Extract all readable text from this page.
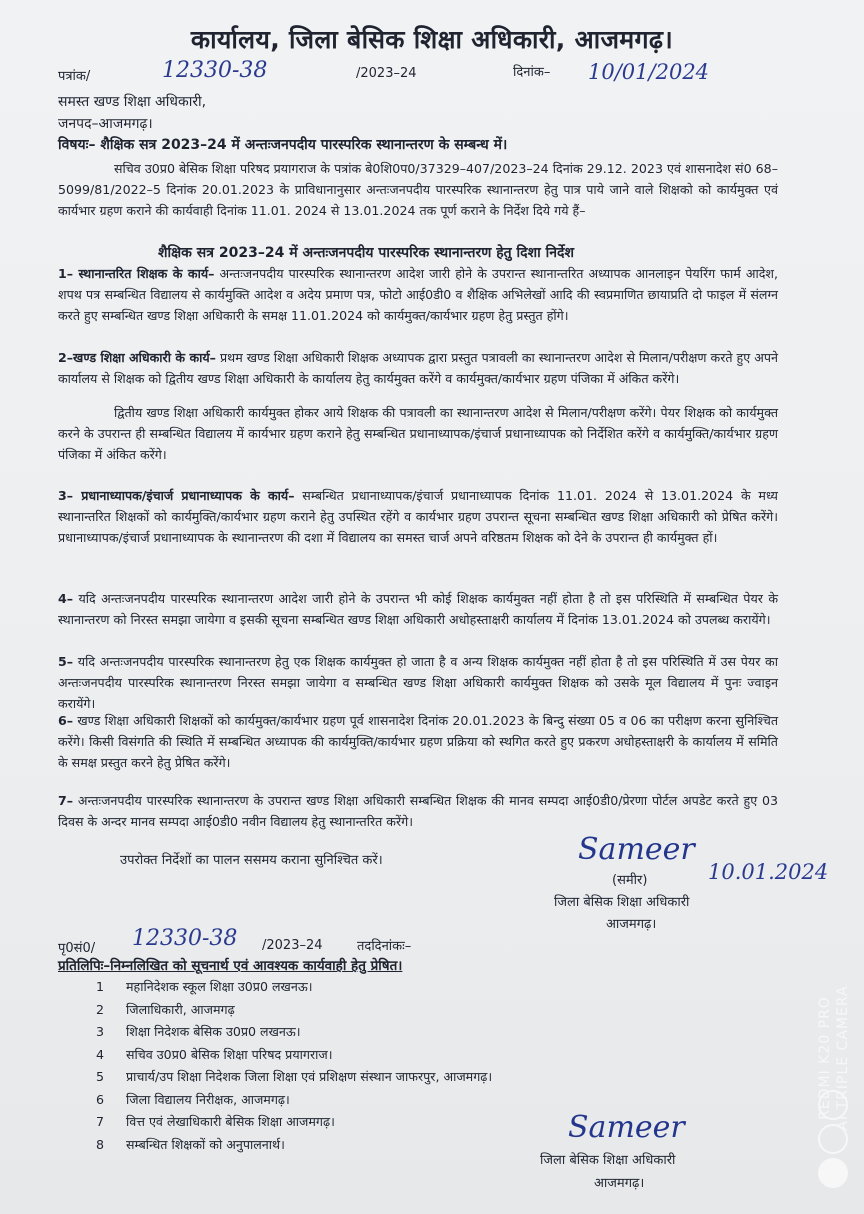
कार्यालय, जिला बेसिक शिक्षा अधिकारी, आजमगढ़।
पत्रांक/	12330-38	/2023–24	दिनांक– 10/01/2024
समस्त खण्ड शिक्षा अधिकारी,
जनपद–आजमगढ़।
विषयः– शैक्षिक सत्र 2023–24 में अन्तःजनपदीय पारस्परिक स्थानान्तरण के सम्बन्ध में।
सचिव उ0प्र0 बेसिक शिक्षा परिषद प्रयागराज के पत्रांक बे0शि0प0/37329–407/2023–24 दिनांक 29.12. 2023 एवं शासनादेश सं0 68–5099/81/2022–5 दिनांक 20.01.2023 के प्राविधानानुसार अन्तःजनपदीय पारस्परिक स्थानान्तरण हेतु पात्र पाये जाने वाले शिक्षको को कार्यमुक्त एवं कार्यभार ग्रहण कराने की कार्यवाही दिनांक 11.01. 2024 से 13.01.2024 तक पूर्ण कराने के निर्देश दिये गये हैं–
शैक्षिक सत्र 2023–24 में अन्तःजनपदीय पारस्परिक स्थानान्तरण हेतु दिशा निर्देश
1– स्थानान्तरित शिक्षक के कार्य– अन्तःजनपदीय पारस्परिक स्थानान्तरण आदेश जारी होने के उपरान्त स्थानान्तरित अध्यापक आनलाइन पेयरिंग फार्म आदेश, शपथ पत्र सम्बन्धित विद्यालय से कार्यमुक्ति आदेश व अदेय प्रमाण पत्र, फोटो आई0डी0 व शैक्षिक अभिलेखों आदि की स्वप्रमाणित छायाप्रति दो फाइल में संलग्न करते हुए सम्बन्धित खण्ड शिक्षा अधिकारी के समक्ष 11.01.2024 को कार्यमुक्त/कार्यभार ग्रहण हेतु प्रस्तुत होंगे।
2–खण्ड शिक्षा अधिकारी के कार्य– प्रथम खण्ड शिक्षा अधिकारी शिक्षक अध्यापक द्वारा प्रस्तुत पत्रावली का स्थानान्तरण आदेश से मिलान/परीक्षण करते हुए अपने कार्यालय से शिक्षक को द्वितीय खण्ड शिक्षा अधिकारी के कार्यालय हेतु कार्यमुक्त करेंगे व कार्यमुक्त/कार्यभार ग्रहण पंजिका में अंकित करेंगे।
द्वितीय खण्ड शिक्षा अधिकारी कार्यमुक्त होकर आये शिक्षक की पत्रावली का स्थानान्तरण आदेश से मिलान/परीक्षण करेंगे। पेयर शिक्षक को कार्यमुक्त करने के उपरान्त ही सम्बन्धित विद्यालय में कार्यभार ग्रहण कराने हेतु सम्बन्धित प्रधानाध्यापक/इंचार्ज प्रधानाध्यापक को निर्देशित करेंगे व कार्यमुक्ति/कार्यभार ग्रहण पंजिका में अंकित करेंगे।
3– प्रधानाध्यापक/इंचार्ज प्रधानाध्यापक के कार्य– सम्बन्धित प्रधानाध्यापक/इंचार्ज प्रधानाध्यापक दिनांक 11.01. 2024 से 13.01.2024 के मध्य स्थानान्तरित शिक्षकों को कार्यमुक्ति/कार्यभार ग्रहण कराने हेतु उपस्थित रहेंगे व कार्यभार ग्रहण उपरान्त सूचना सम्बन्धित खण्ड शिक्षा अधिकारी को प्रेषित करेंगे। प्रधानाध्यापक/इंचार्ज प्रधानाध्यापक के स्थानान्तरण की दशा में विद्यालय का समस्त चार्ज अपने वरिष्ठतम शिक्षक को देने के उपरान्त ही कार्यमुक्त हों।
4– यदि अन्तःजनपदीय पारस्परिक स्थानान्तरण आदेश जारी होने के उपरान्त भी कोई शिक्षक कार्यमुक्त नहीं होता है तो इस परिस्थिति में सम्बन्धित पेयर के स्थानान्तरण को निरस्त समझा जायेगा व इसकी सूचना सम्बन्धित खण्ड शिक्षा अधिकारी अधोहस्ताक्षरी कार्यालय में दिनांक 13.01.2024 को उपलब्ध करायेंगे।
5– यदि अन्तःजनपदीय पारस्परिक स्थानान्तरण हेतु एक शिक्षक कार्यमुक्त हो जाता है व अन्य शिक्षक कार्यमुक्त नहीं होता है तो इस परिस्थिति में उस पेयर का अन्तःजनपदीय पारस्परिक स्थानान्तरण निरस्त समझा जायेगा व सम्बन्धित खण्ड शिक्षा अधिकारी कार्यमुक्त शिक्षक को उसके मूल विद्यालय में पुनः ज्वाइन करायेंगे।
6– खण्ड शिक्षा अधिकारी शिक्षकों को कार्यमुक्त/कार्यभार ग्रहण पूर्व शासनादेश दिनांक 20.01.2023 के बिन्दु संख्या 05 व 06 का परीक्षण करना सुनिश्चित करेंगे। किसी विसंगति की स्थिति में सम्बन्धित अध्यापक की कार्यमुक्ति/कार्यभार ग्रहण प्रक्रिया को स्थगित करते हुए प्रकरण अधोहस्ताक्षरी के कार्यालय में समिति के समक्ष प्रस्तुत करने हेतु प्रेषित करेंगे।
7– अन्तःजनपदीय पारस्परिक स्थानान्तरण के उपरान्त खण्ड शिक्षा अधिकारी सम्बन्धित शिक्षक की मानव सम्पदा आई0डी0/प्रेरणा पोर्टल अपडेट करते हुए 03 दिवस के अन्दर मानव सम्पदा आई0डी0 नवीन विद्यालय हेतु स्थानान्तरित करेंगे।
उपरोक्त निर्देशों का पालन ससमय कराना सुनिश्चित करें।	Sameer
(समीर)	10.01.2024
जिला बेसिक शिक्षा अधिकारी
आजमगढ़।
पृ0सं0/ 12330-38 /2023–24	तददिनांकः–
प्रतिलिपिः–निम्नलिखित को सूचनार्थ एवं आवश्यक कार्यवाही हेतु प्रेषित।
1	महानिदेशक स्कूल शिक्षा उ0प्र0 लखनऊ।
2	जिलाधिकारी, आजमगढ़
3	शिक्षा निदेशक बेसिक उ0प्र0 लखनऊ।
4	सचिव उ0प्र0 बेसिक शिक्षा परिषद प्रयागराज।
5	प्राचार्य/उप शिक्षा निदेशक जिला शिक्षा एवं प्रशिक्षण संस्थान जाफरपुर, आजमगढ़।
6	जिला विद्यालय निरीक्षक, आजमगढ़।
7	वित्त एवं लेखाधिकारी बेसिक शिक्षा आजमगढ़।
8	सम्बन्धित शिक्षकों को अनुपालनार्थ।	Sameer
जिला बेसिक शिक्षा अधिकारी
आजमगढ़।
REDMI K20 PRO AI TRIPLE CAMERA
